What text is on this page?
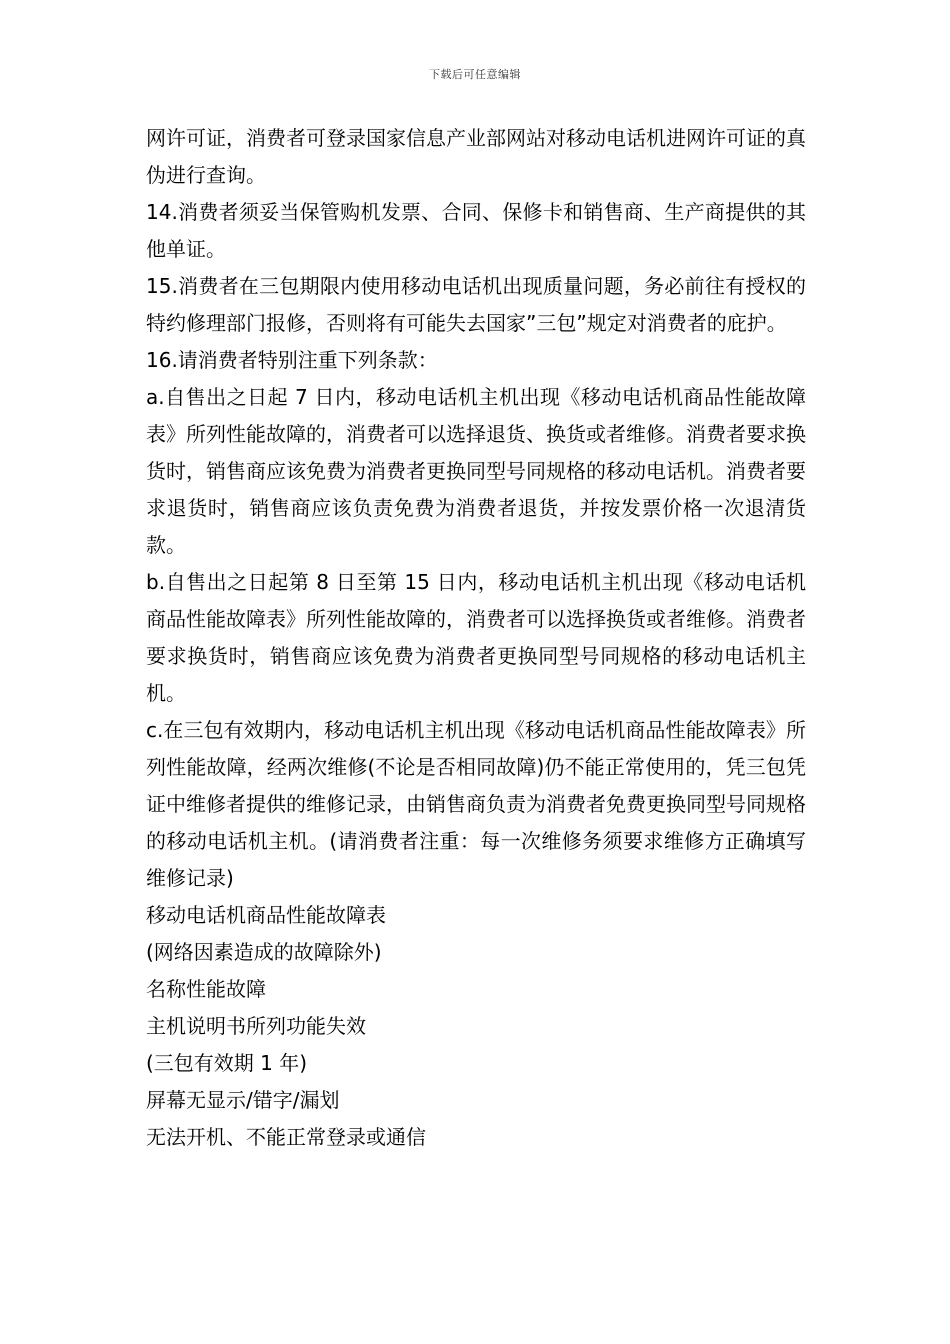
下载后可任意编辑

网许可证，消费者可登录国家信息产业部网站对移动电话机进网许可证的真伪进行查询。

14.消费者须妥当保管购机发票、合同、保修卡和销售商、生产商提供的其他单证。

15.消费者在三包期限内使用移动电话机出现质量问题，务必前往有授权的特约修理部门报修，否则将有可能失去国家”三包”规定对消费者的庇护。

16.请消费者特别注重下列条款：

a.自售出之日起 7 日内，移动电话机主机出现《移动电话机商品性能故障表》所列性能故障的，消费者可以选择退货、换货或者维修。消费者要求换货时，销售商应该免费为消费者更换同型号同规格的移动电话机。消费者要求退货时，销售商应该负责免费为消费者退货，并按发票价格一次退清货款。

b.自售出之日起第 8 日至第 15 日内，移动电话机主机出现《移动电话机商品性能故障表》所列性能故障的，消费者可以选择换货或者维修。消费者要求换货时，销售商应该免费为消费者更换同型号同规格的移动电话机主机。

c.在三包有效期内，移动电话机主机出现《移动电话机商品性能故障表》所列性能故障，经两次维修(不论是否相同故障)仍不能正常使用的，凭三包凭证中维修者提供的维修记录，由销售商负责为消费者免费更换同型号同规格的移动电话机主机。(请消费者注重：每一次维修务须要求维修方正确填写维修记录)

移动电话机商品性能故障表

(网络因素造成的故障除外)

名称性能故障

主机说明书所列功能失效

(三包有效期 1 年)

屏幕无显示/错字/漏划

无法开机、不能正常登录或通信
